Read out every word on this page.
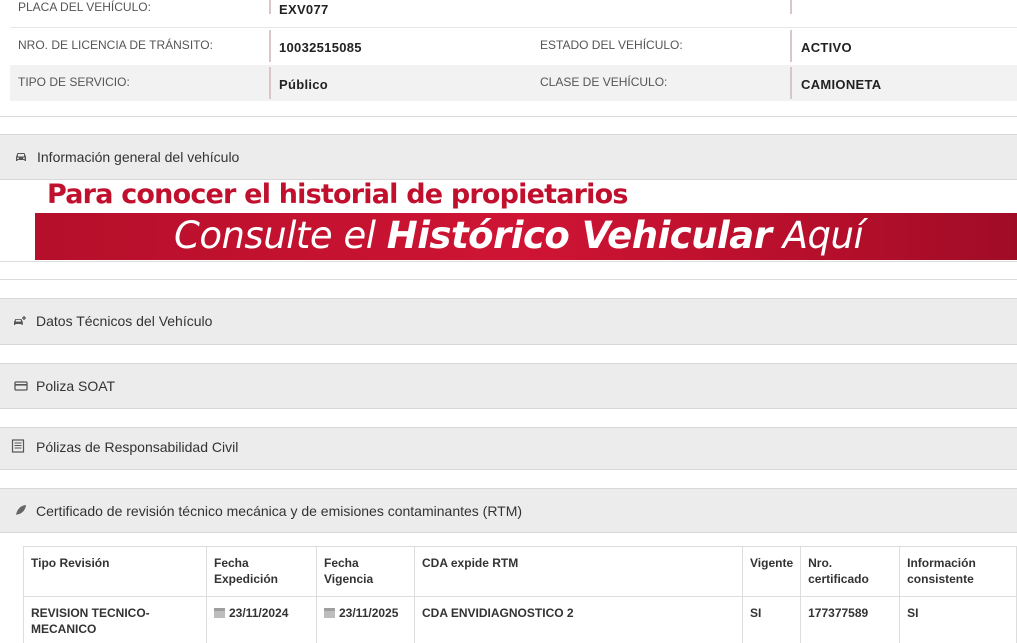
PLACA DEL VEHÍCULO:	EXV077
NRO. DE LICENCIA DE TRÁNSITO:	10032515085	ESTADO DEL VEHÍCULO:	ACTIVO
TIPO DE SERVICIO:	Público	CLASE DE VEHÍCULO:	CAMIONETA
Información general del vehículo
Para conocer el historial de propietarios
Consulte el Histórico Vehicular Aquí
Datos Técnicos del Vehículo
Poliza SOAT
Pólizas de Responsabilidad Civil
Certificado de revisión técnico mecánica y de emisiones contaminantes (RTM)
Tipo Revisión	Fecha Expedición	Fecha Vigencia	CDA expide RTM	Vigente	Nro. certificado	Información consistente
REVISION TECNICO-MECANICO	23/11/2024	23/11/2025	CDA ENVIDIAGNOSTICO 2	SI	177377589	SI
